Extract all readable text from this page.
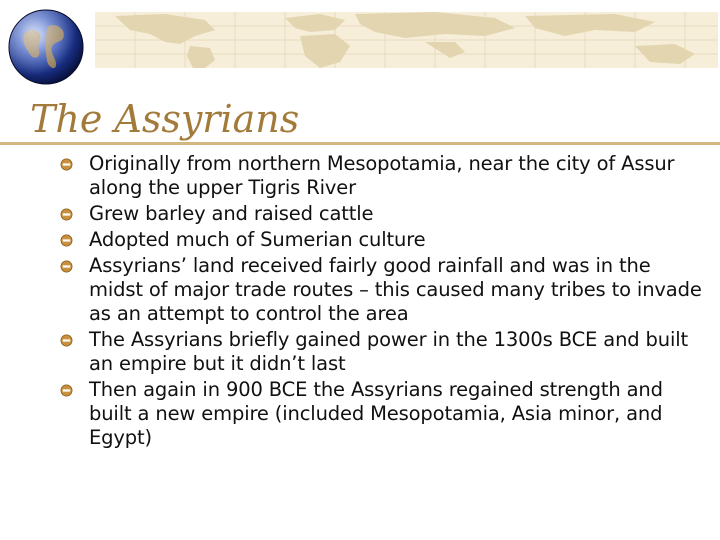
The Assyrians
Originally from northern Mesopotamia, near the city of Assur along the upper Tigris River
Grew barley and raised cattle
Adopted much of Sumerian culture
Assyrians’ land received fairly good rainfall and was in the midst of major trade routes – this caused many tribes to invade as an attempt to control the area
The Assyrians briefly gained power in the 1300s BCE and built an empire but it didn’t last
Then again in 900 BCE the Assyrians regained strength and built a new empire (included Mesopotamia, Asia minor, and Egypt)
